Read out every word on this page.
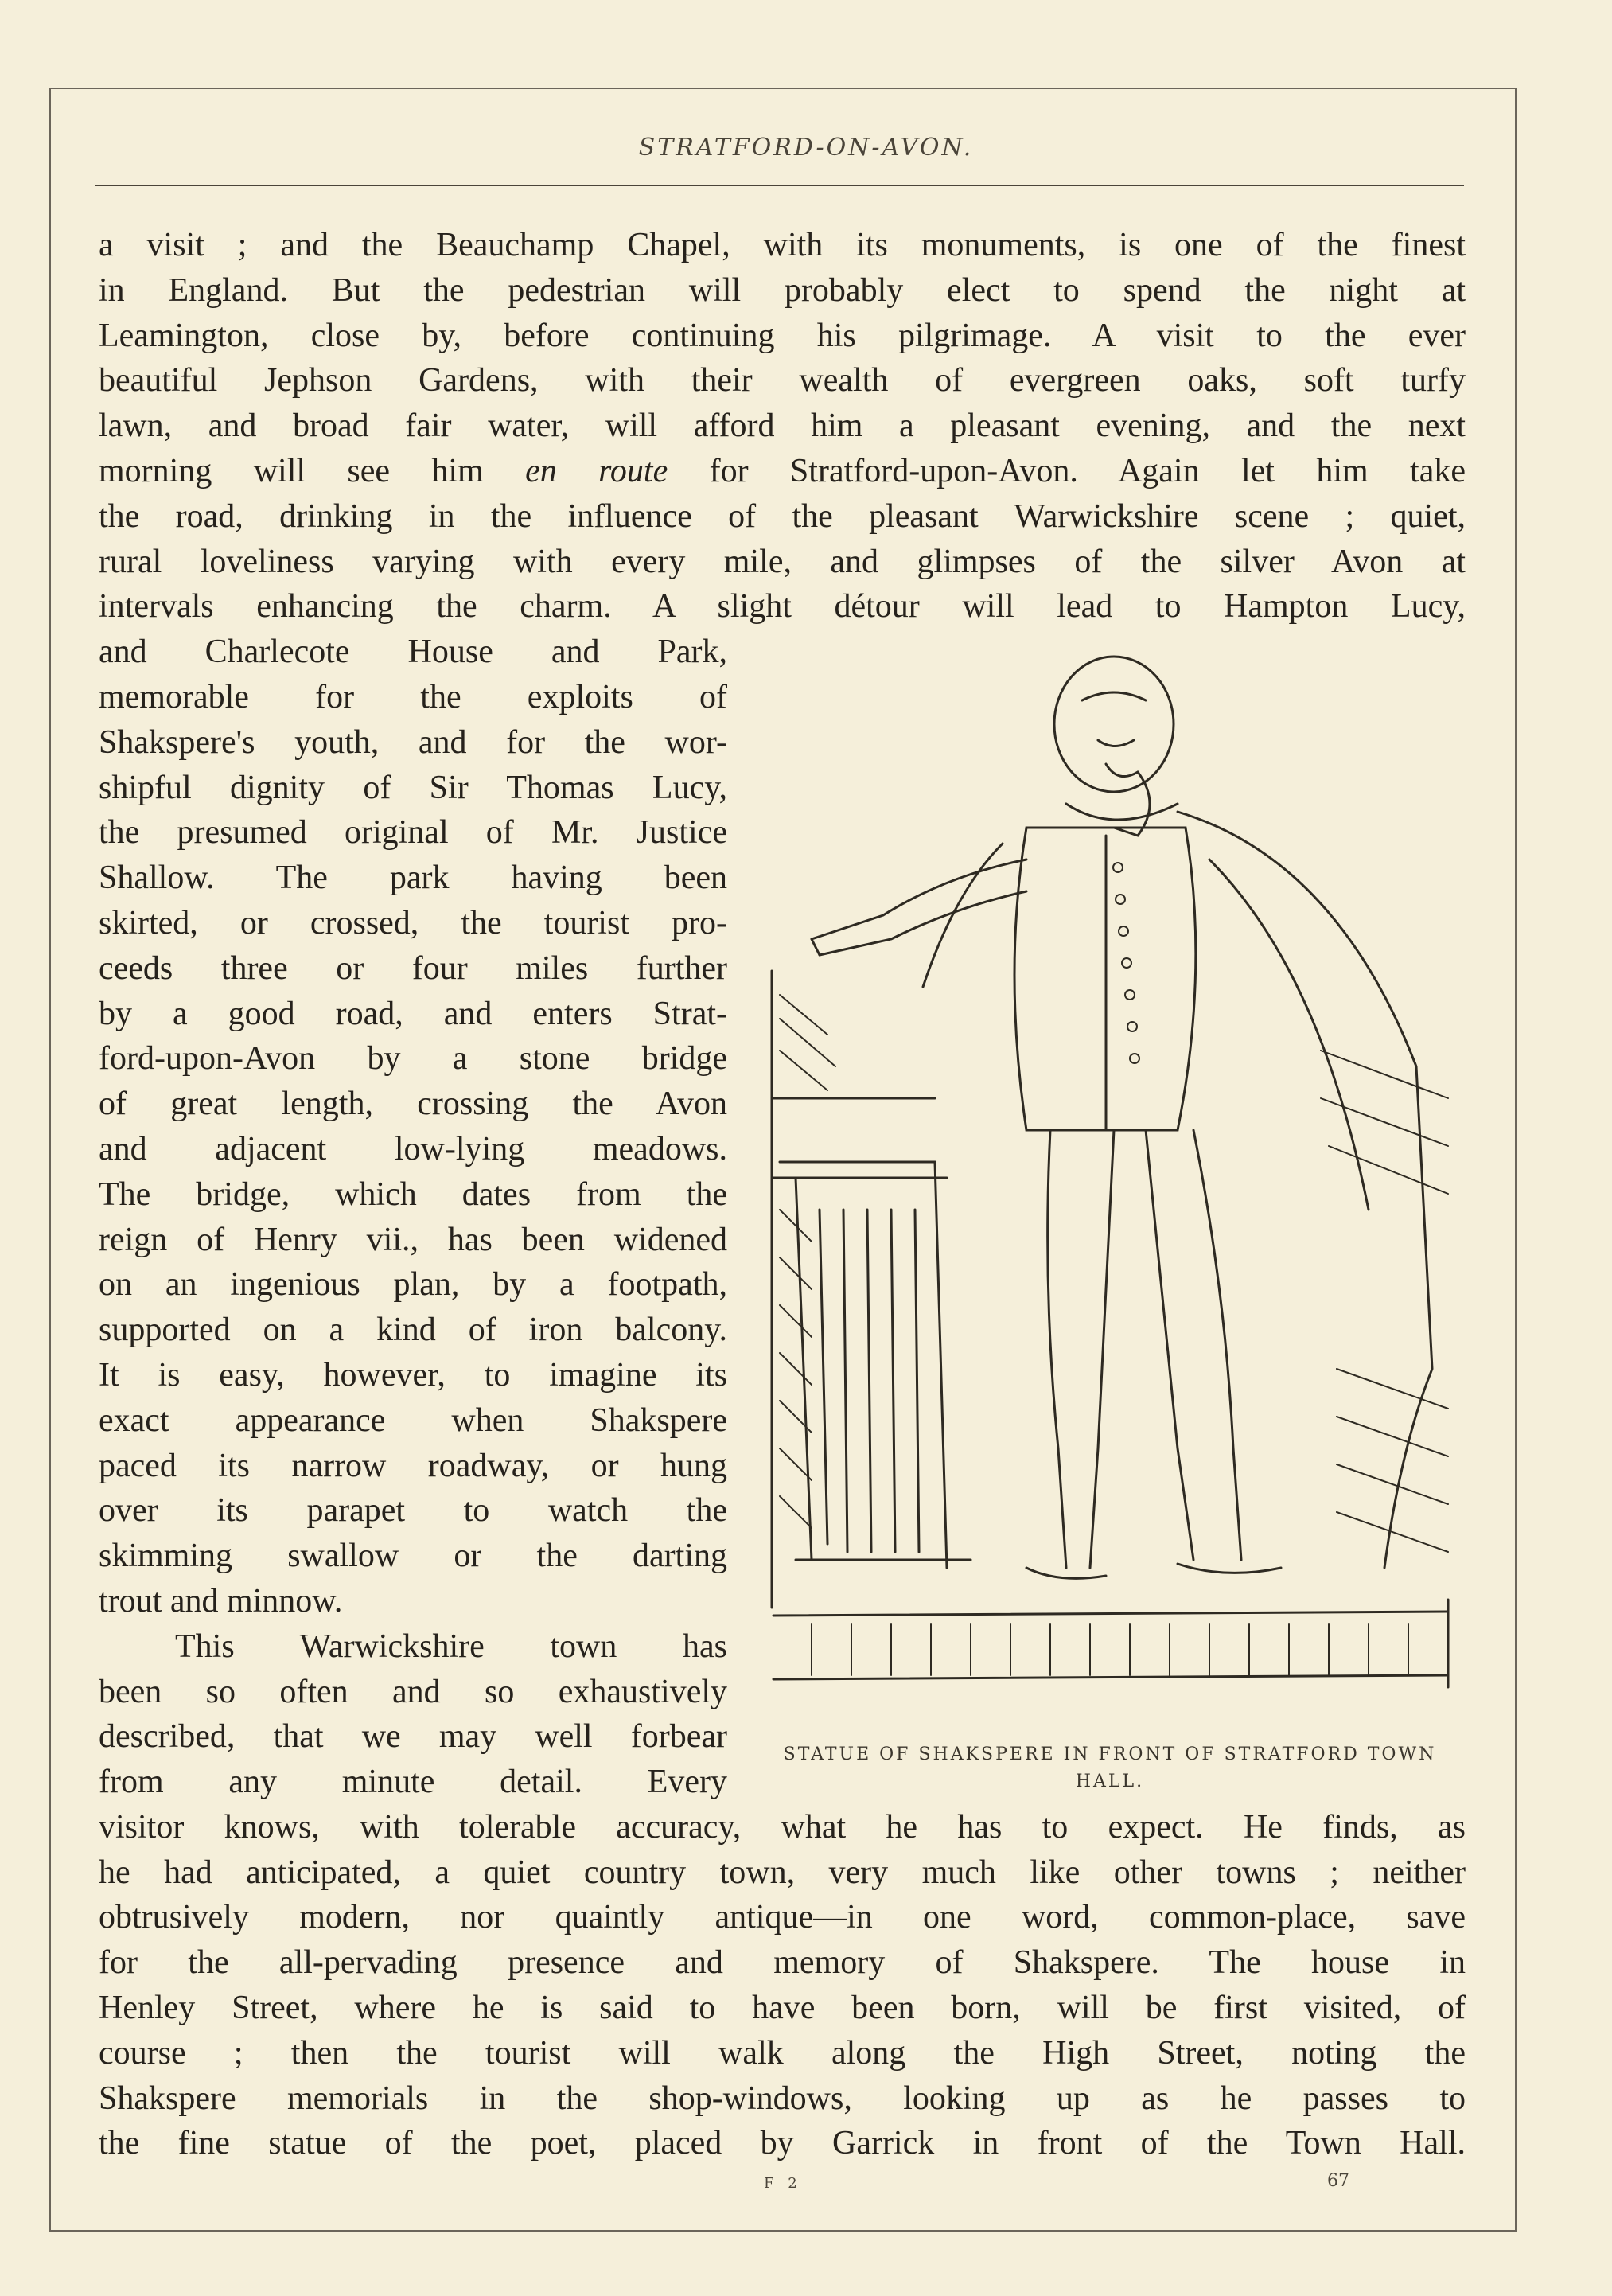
STRATFORD-ON-AVON.
a visit ; and the Beauchamp Chapel, with its monuments, is one of the finest
in England. But the pedestrian will probably elect to spend the night at
Leamington, close by, before continuing his pilgrimage. A visit to the ever
beautiful Jephson Gardens, with their wealth of evergreen oaks, soft turfy
lawn, and broad fair water, will afford him a pleasant evening, and the next
morning will see him en route for Stratford-upon-Avon. Again let him take
the road, drinking in the influence of the pleasant Warwickshire scene ; quiet,
rural loveliness varying with every mile, and glimpses of the silver Avon at
intervals enhancing the charm. A slight détour will lead to Hampton Lucy,
and Charlecote House and Park,
memorable for the exploits of
Shakspere's youth, and for the wor-
shipful dignity of Sir Thomas Lucy,
the presumed original of Mr. Justice
Shallow. The park having been
skirted, or crossed, the tourist pro-
ceeds three or four miles further
by a good road, and enters Strat-
ford-upon-Avon by a stone bridge
of great length, crossing the Avon
and adjacent low-lying meadows.
The bridge, which dates from the
reign of Henry vii., has been widened
on an ingenious plan, by a footpath,
supported on a kind of iron balcony.
It is easy, however, to imagine its
exact appearance when Shakspere
paced its narrow roadway, or hung
over its parapet to watch the
skimming swallow or the darting
trout and minnow.
This Warwickshire town has
been so often and so exhaustively
described, that we may well forbear
from any minute detail. Every
visitor knows, with tolerable accuracy, what he has to expect. He finds, as
he had anticipated, a quiet country town, very much like other towns ; neither
obtrusively modern, nor quaintly antique—in one word, common-place, save
for the all-pervading presence and memory of Shakspere. The house in
Henley Street, where he is said to have been born, will be first visited, of
course ; then the tourist will walk along the High Street, noting the
Shakspere memorials in the shop-windows, looking up as he passes to
the fine statue of the poet, placed by Garrick in front of the Town Hall.
STATUE OF SHAKSPERE IN FRONT OF STRATFORD TOWN
HALL.
F 2	67
